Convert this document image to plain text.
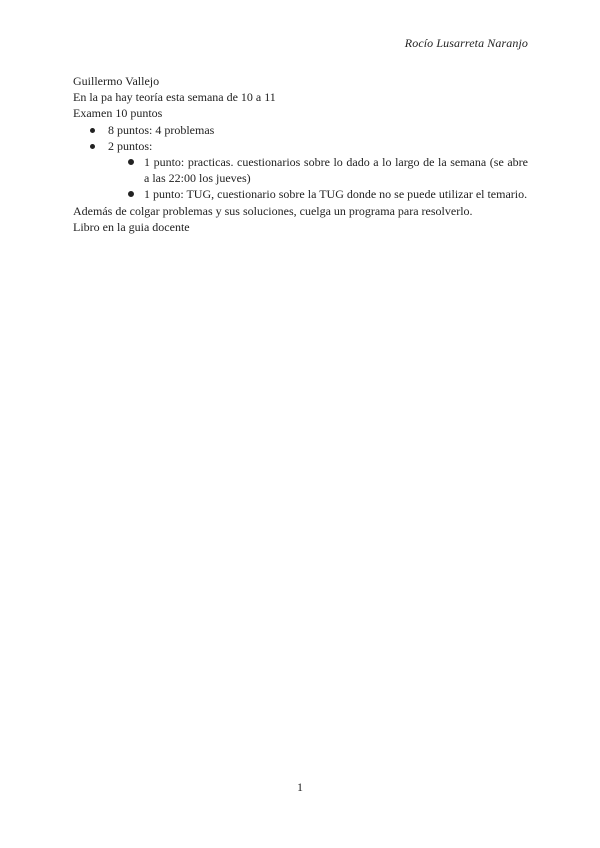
Rocío Lusarreta Naranjo
Guillermo Vallejo
En la pa hay teoría esta semana de 10 a 11
Examen 10 puntos
8 puntos: 4 problemas
2 puntos:
1 punto: practicas. cuestionarios sobre lo dado a lo largo de la semana (se abre a las 22:00 los jueves)
1 punto: TUG, cuestionario sobre la TUG donde no se puede utilizar el temario.
Además de colgar problemas y sus soluciones, cuelga un programa para resolverlo.
Libro en la guia docente
1
